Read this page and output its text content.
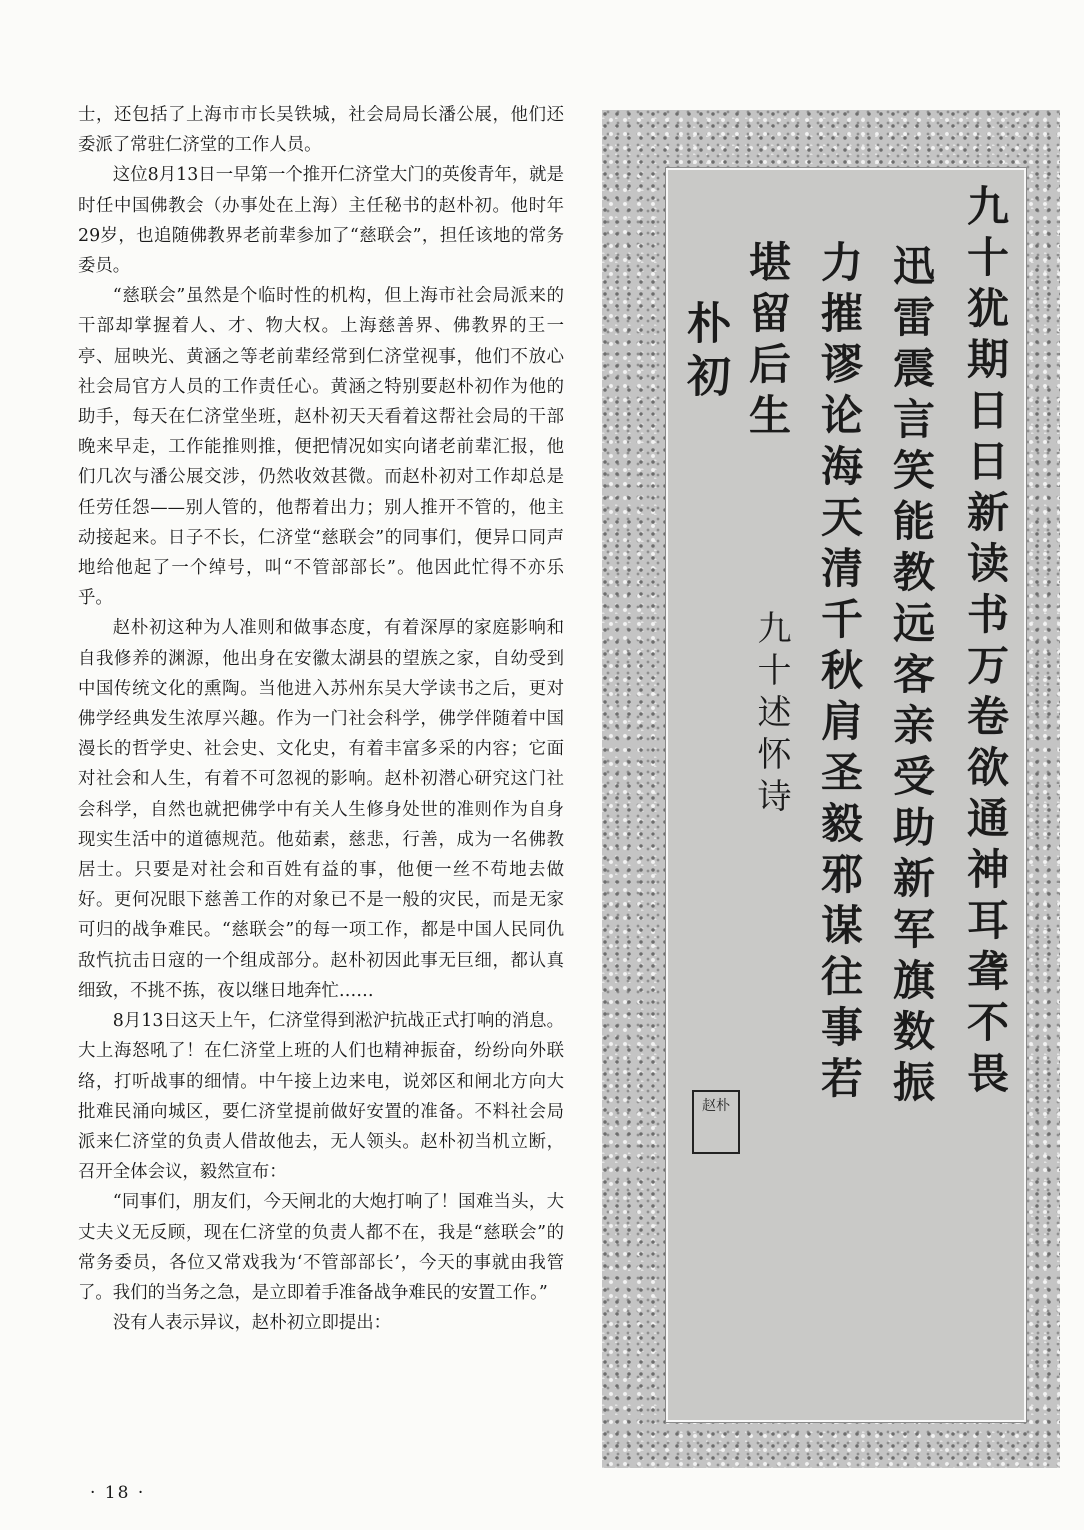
士，还包括了上海市市长吴铁城，社会局局长潘公展，他们还委派了常驻仁济堂的工作人员。

这位8月13日一早第一个推开仁济堂大门的英俊青年，就是时任中国佛教会（办事处在上海）主任秘书的赵朴初。他时年29岁，也追随佛教界老前辈参加了“慈联会”，担任该地的常务委员。

“慈联会”虽然是个临时性的机构，但上海市社会局派来的干部却掌握着人、才、物大权。上海慈善界、佛教界的王一亭、屈映光、黄涵之等老前辈经常到仁济堂视事，他们不放心社会局官方人员的工作责任心。黄涵之特别要赵朴初作为他的助手，每天在仁济堂坐班，赵朴初天天看着这帮社会局的干部晚来早走，工作能推则推，便把情况如实向诸老前辈汇报，他们几次与潘公展交涉，仍然收效甚微。而赵朴初对工作却总是任劳任怨——别人管的，他帮着出力；别人推开不管的，他主动接起来。日子不长，仁济堂“慈联会”的同事们，便异口同声地给他起了一个绰号，叫“不管部部长”。他因此忙得不亦乐乎。

赵朴初这种为人准则和做事态度，有着深厚的家庭影响和自我修养的渊源，他出身在安徽太湖县的望族之家，自幼受到中国传统文化的熏陶。当他进入苏州东吴大学读书之后，更对佛学经典发生浓厚兴趣。作为一门社会科学，佛学伴随着中国漫长的哲学史、社会史、文化史，有着丰富多采的内容；它面对社会和人生，有着不可忽视的影响。赵朴初潜心研究这门社会科学，自然也就把佛学中有关人生修身处世的准则作为自身现实生活中的道德规范。他茹素，慈悲，行善，成为一名佛教居士。只要是对社会和百姓有益的事，他便一丝不苟地去做好。更何况眼下慈善工作的对象已不是一般的灾民，而是无家可归的战争难民。“慈联会”的每一项工作，都是中国人民同仇敌忾抗击日寇的一个组成部分。赵朴初因此事无巨细，都认真细致，不挑不拣，夜以继日地奔忙……

8月13日这天上午，仁济堂得到淞沪抗战正式打响的消息。大上海怒吼了！在仁济堂上班的人们也精神振奋，纷纷向外联络，打听战事的细情。中午接上边来电，说郊区和闸北方向大批难民涌向城区，要仁济堂提前做好安置的准备。不料社会局派来仁济堂的负责人借故他去，无人领头。赵朴初当机立断，召开全体会议，毅然宣布：

“同事们，朋友们，今天闸北的大炮打响了！国难当头，大丈夫义无反顾，现在仁济堂的负责人都不在，我是“慈联会”的常务委员，各位又常戏我为‘不管部部长’，今天的事就由我管了。我们的当务之急，是立即着手准备战争难民的安置工作。”

没有人表示异议，赵朴初立即提出：

· 18 ·
九十犹期日日新读书万卷欲通神耳聋不畏
迅雷震言笑能教远客亲受助新军旗数振
力摧谬论海天清千秋肩圣毅邪谋往事若
堪留后生
九十述怀诗
朴初
赵朴
